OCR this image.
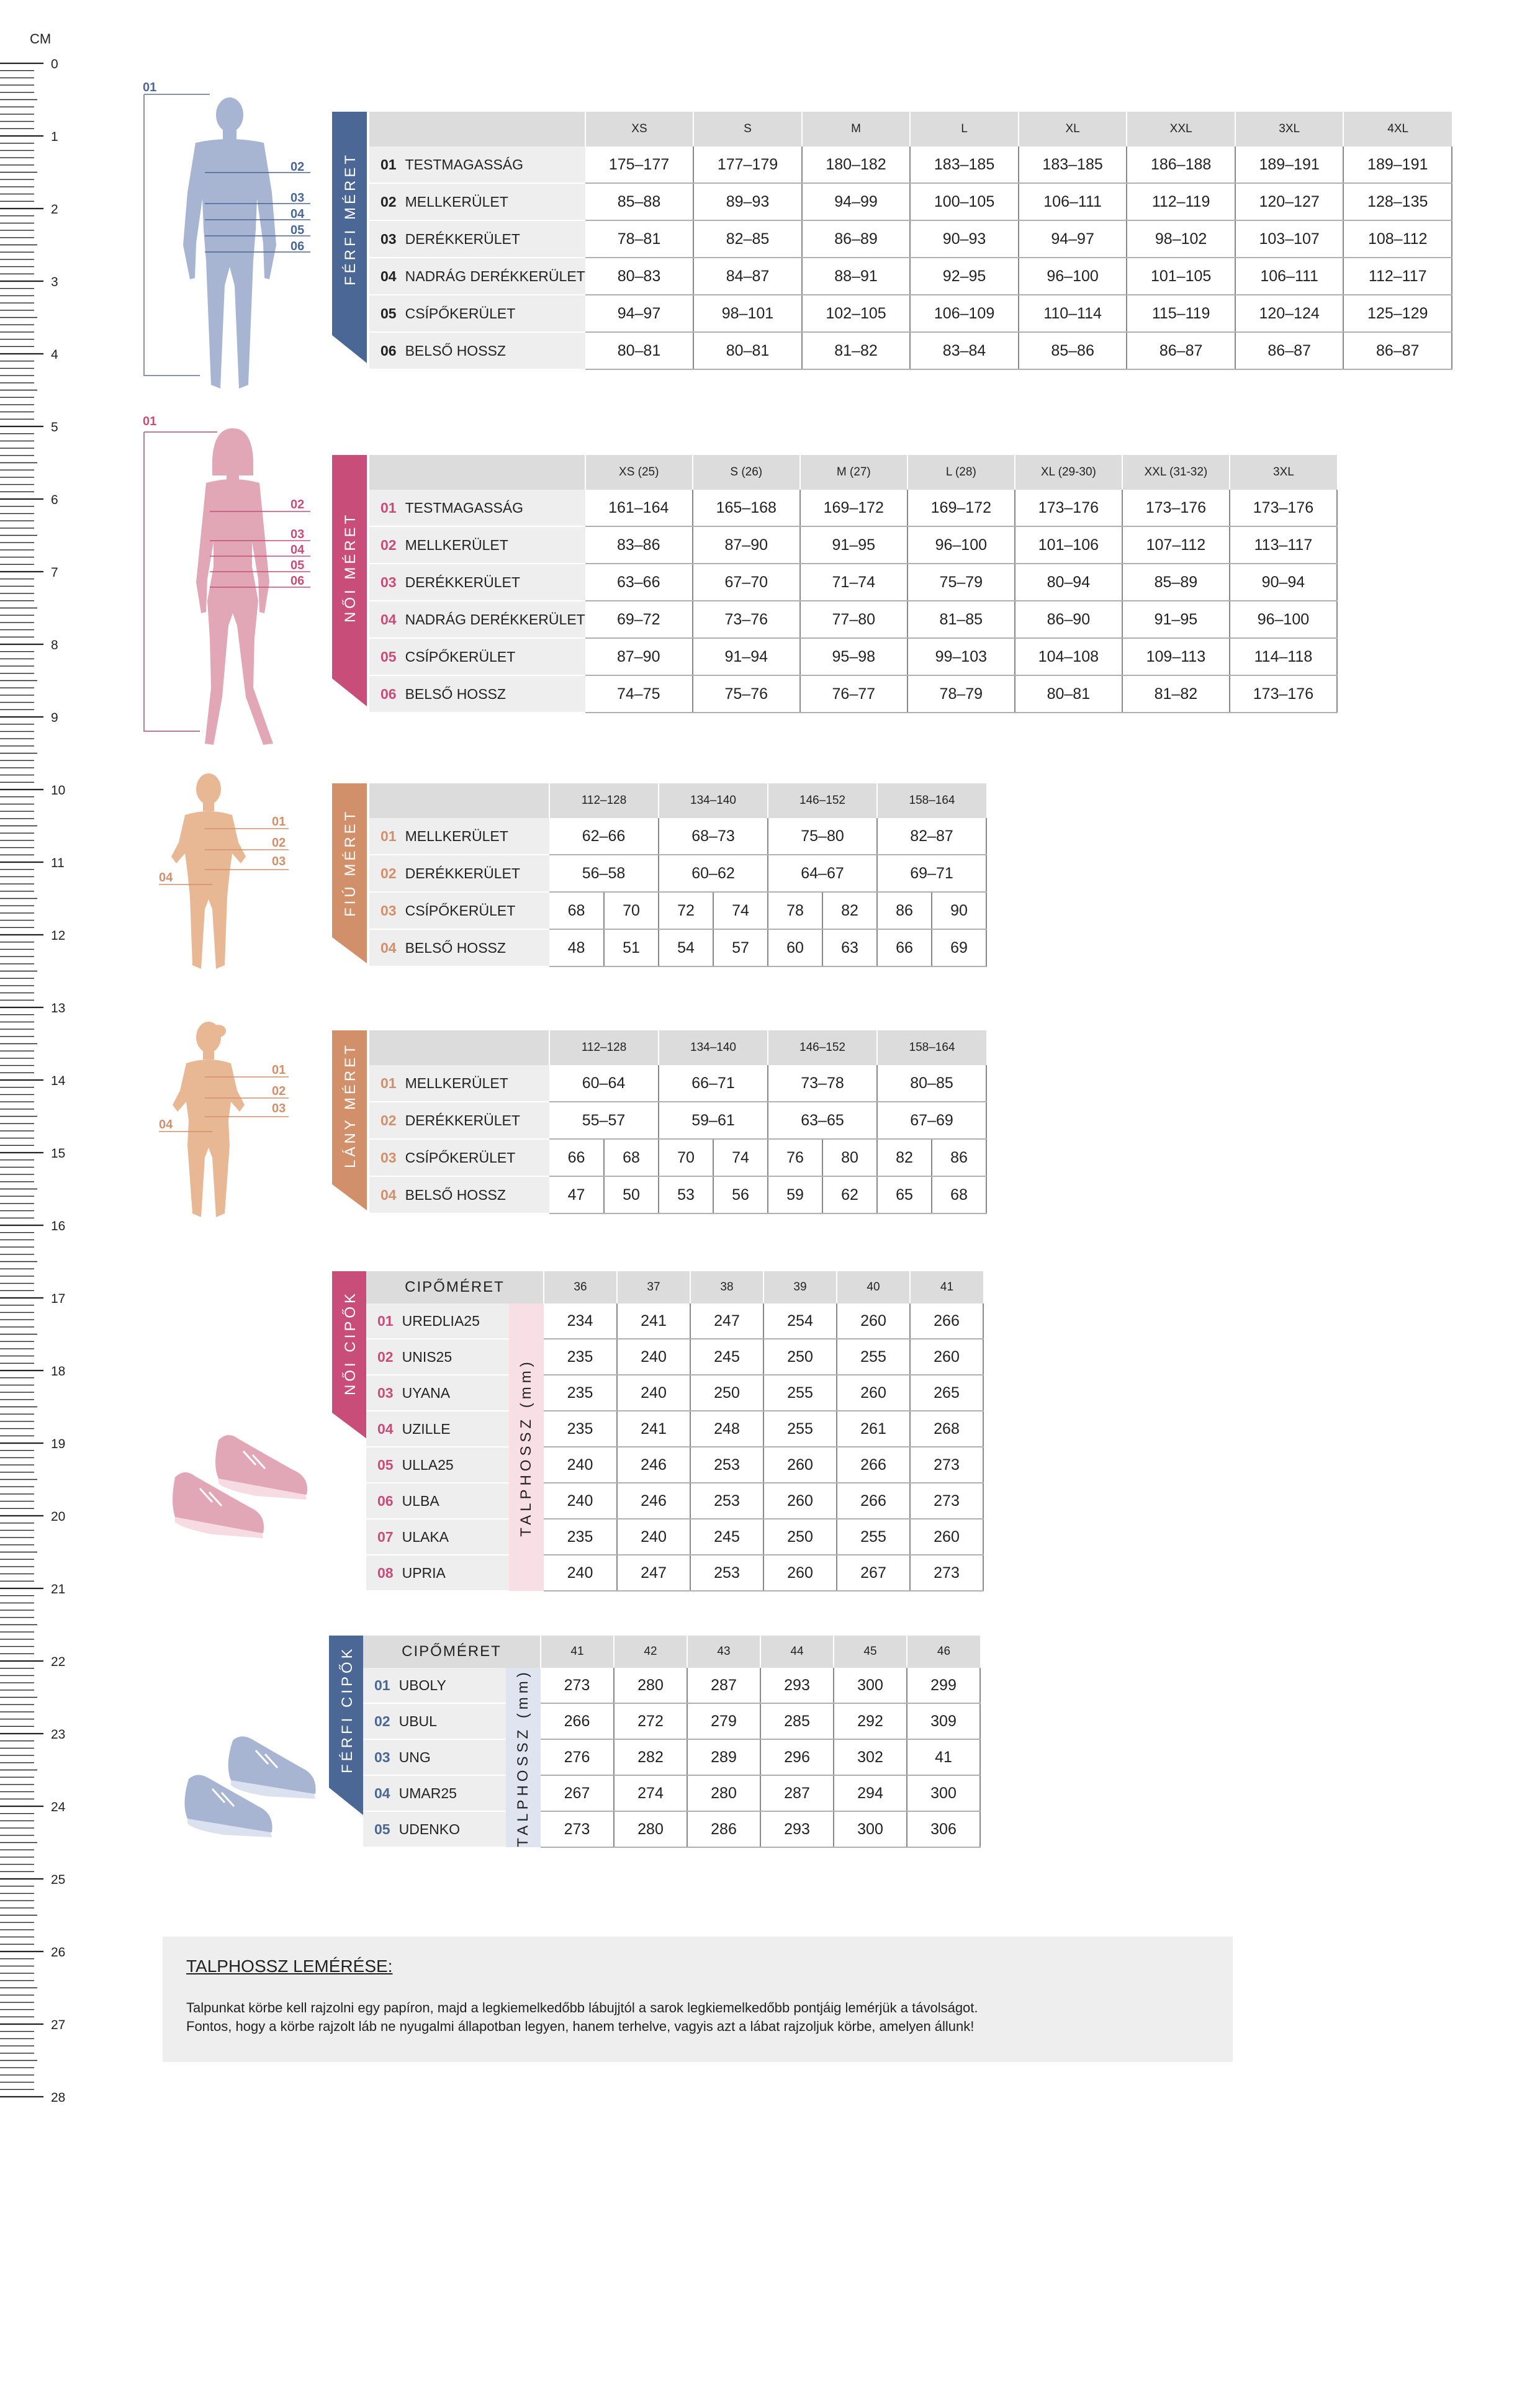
CM
0
1
2
3
4
5
6
7
8
9
10
11
12
13
14
15
16
17
18
19
20
21
22
23
24
25
26
27
28
01
02
03
04
05
06
01
02
03
04
05
06
01
02
03
04
01
02
03
04
FÉRFI MÉRET
	XS	S	M	L	XL	XXL	3XL	4XL
01 TESTMAGASSÁG	175–177	177–179	180–182	183–185	183–185	186–188	189–191	189–191
02 MELLKERÜLET	85–88	89–93	94–99	100–105	106–111	112–119	120–127	128–135
03 DERÉKKERÜLET	78–81	82–85	86–89	90–93	94–97	98–102	103–107	108–112
04 NADRÁG DERÉKKERÜLET	80–83	84–87	88–91	92–95	96–100	101–105	106–111	112–117
05 CSÍPŐKERÜLET	94–97	98–101	102–105	106–109	110–114	115–119	120–124	125–129
06 BELSŐ HOSSZ	80–81	80–81	81–82	83–84	85–86	86–87	86–87	86–87
NŐI MÉRET
	XS (25)	S (26)	M (27)	L (28)	XL (29-30)	XXL (31-32)	3XL
01 TESTMAGASSÁG	161–164	165–168	169–172	169–172	173–176	173–176	173–176
02 MELLKERÜLET	83–86	87–90	91–95	96–100	101–106	107–112	113–117
03 DERÉKKERÜLET	63–66	67–70	71–74	75–79	80–94	85–89	90–94
04 NADRÁG DERÉKKERÜLET	69–72	73–76	77–80	81–85	86–90	91–95	96–100
05 CSÍPŐKERÜLET	87–90	91–94	95–98	99–103	104–108	109–113	114–118
06 BELSŐ HOSSZ	74–75	75–76	76–77	78–79	80–81	81–82	173–176
FIÚ MÉRET
	112–128		134–140		146–152		158–164	
01 MELLKERÜLET	62–66		68–73		75–80		82–87	
02 DERÉKKERÜLET	56–58		60–62		64–67		69–71	
03 CSÍPŐKERÜLET	68	70	72	74	78	82	86	90
04 BELSŐ HOSSZ	48	51	54	57	60	63	66	69
LÁNY MÉRET
		112–128		134–140		146–152		158–164	
01 MELLKERÜLET	60–64		66–71		73–78		80–85	
02 DERÉKKERÜLET	55–57		59–61		63–65		67–69	
03 CSÍPŐKERÜLET	66	68	70	74	76	80	82	86
04 BELSŐ HOSSZ	47	50	53	56	59	62	65	68
NŐI CIPŐK
CIPŐMÉRET		36	37	38	39	40	41
01 UREDLIA25	TALPHOSSZ (mm)	234	241	247	254	260	266
02 UNIS25		235	240	245	250	255	260
03 UYANA		235	240	250	255	260	265
04 UZILLE		235	241	248	255	261	268
05 ULLA25		240	246	253	260	266	273
06 ULBA		240	246	253	260	266	273
07 ULAKA		235	240	245	250	255	260
08 UPRIA		240	247	253	260	267	273
FÉRFI CIPŐK	CIPŐMÉRET		41	42	43	44	45	46
01 UBOLY	TALPHOSSZ (mm)	273	280	287	293	300	299
02 UBUL		266	272	279	285	292	309
03 UNG		276	282	289	296	302	41
04 UMAR25		267	274	280	287	294	300
05 UDENKO		273	280	286	293	300	306
TALPHOSSZ LEMÉRÉSE:
Talpunkat körbe kell rajzolni egy papíron, majd a legkiemelkedőbb lábujjtól a sarok legkiemelkedőbb pontjáig lemérjük a távolságot.
Fontos, hogy a körbe rajzolt láb ne nyugalmi állapotban legyen, hanem terhelve, vagyis azt a lábat rajzoljuk körbe, amelyen állunk!
